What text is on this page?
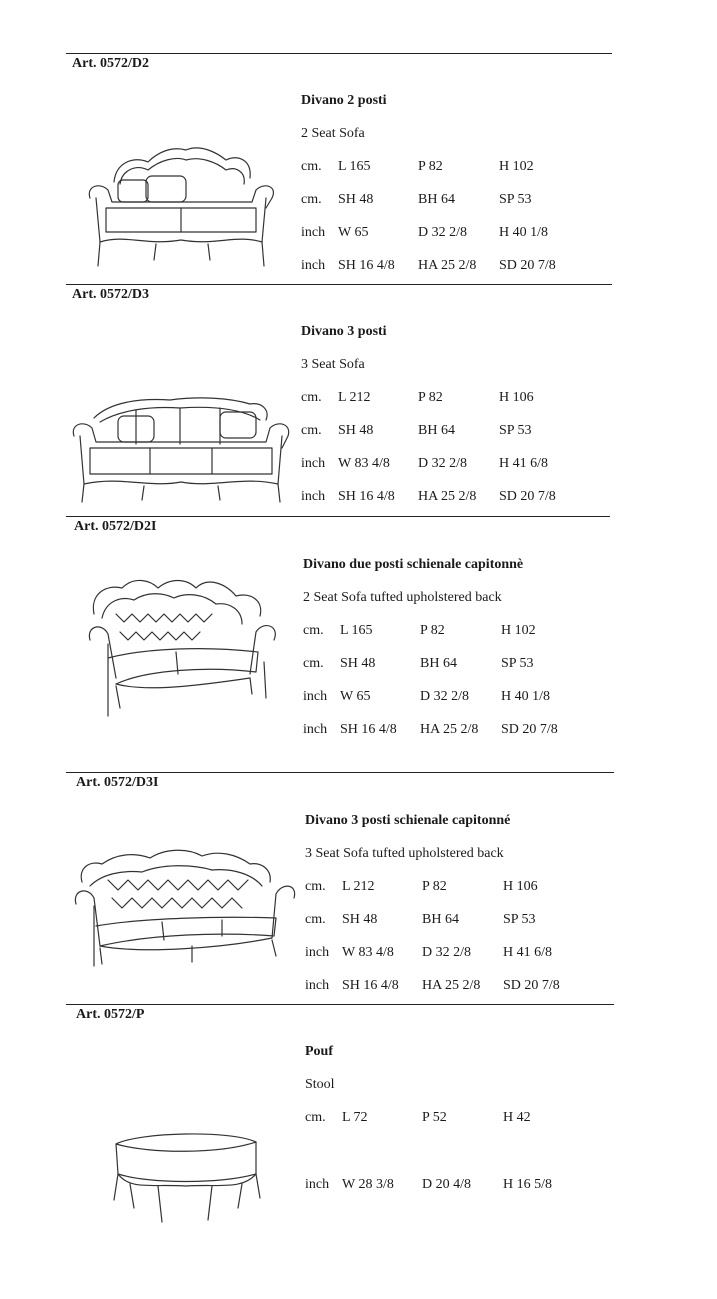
Art. 0572/D2
Divano 2 posti
2 Seat Sofa
cm. L 165	P 82	H 102
cm. SH 48	BH 64	SP 53
inch W 65	D 32 2/8 H 40 1/8
inch SH 16 4/8 HA 25 2/8 SD 20 7/8
Art. 0572/D3
Divano 3 posti
3 Seat Sofa
cm. L 212	P 82	H 106
cm. SH 48	BH 64	SP 53
inch W 83 4/8 D 32 2/8 H 41 6/8
inch SH 16 4/8 HA 25 2/8 SD 20 7/8
Art. 0572/D2I
Divano due posti schienale capitonnè
2 Seat Sofa tufted upholstered back
cm. L 165	P 82	H 102
cm. SH 48	BH 64	SP 53
inch W 65	D 32 2/8 H 40 1/8
inch SH 16 4/8 HA 25 2/8 SD 20 7/8
Art. 0572/D3I
Divano 3 posti schienale capitonné
3 Seat Sofa tufted upholstered back
cm. L 212	P 82	H 106
cm. SH 48	BH 64	SP 53
inch W 83 4/8 D 32 2/8 H 41 6/8
inch SH 16 4/8 HA 25 2/8 SD 20 7/8
Art. 0572/P
Pouf
Stool
cm. L 72	P 52	H 42
inch W 28 3/8 D 20 4/8 H 16 5/8
